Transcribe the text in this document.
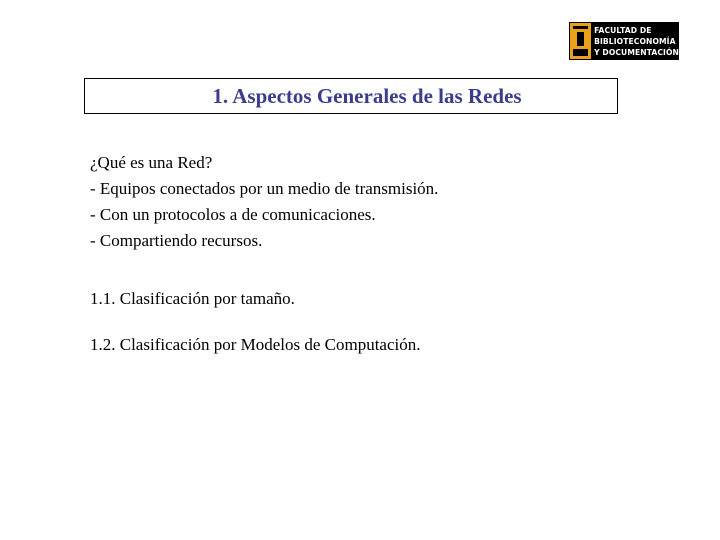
FACULTAD DE
BIBLIOTECONOMÍA
Y DOCUMENTACIÓN
1. Aspectos Generales de las Redes
¿Qué es una Red?
- Equipos conectados por un medio de transmisión.
- Con un protocolos a de comunicaciones.
- Compartiendo recursos.
1.1. Clasificación por tamaño.
1.2. Clasificación por Modelos de Computación.
